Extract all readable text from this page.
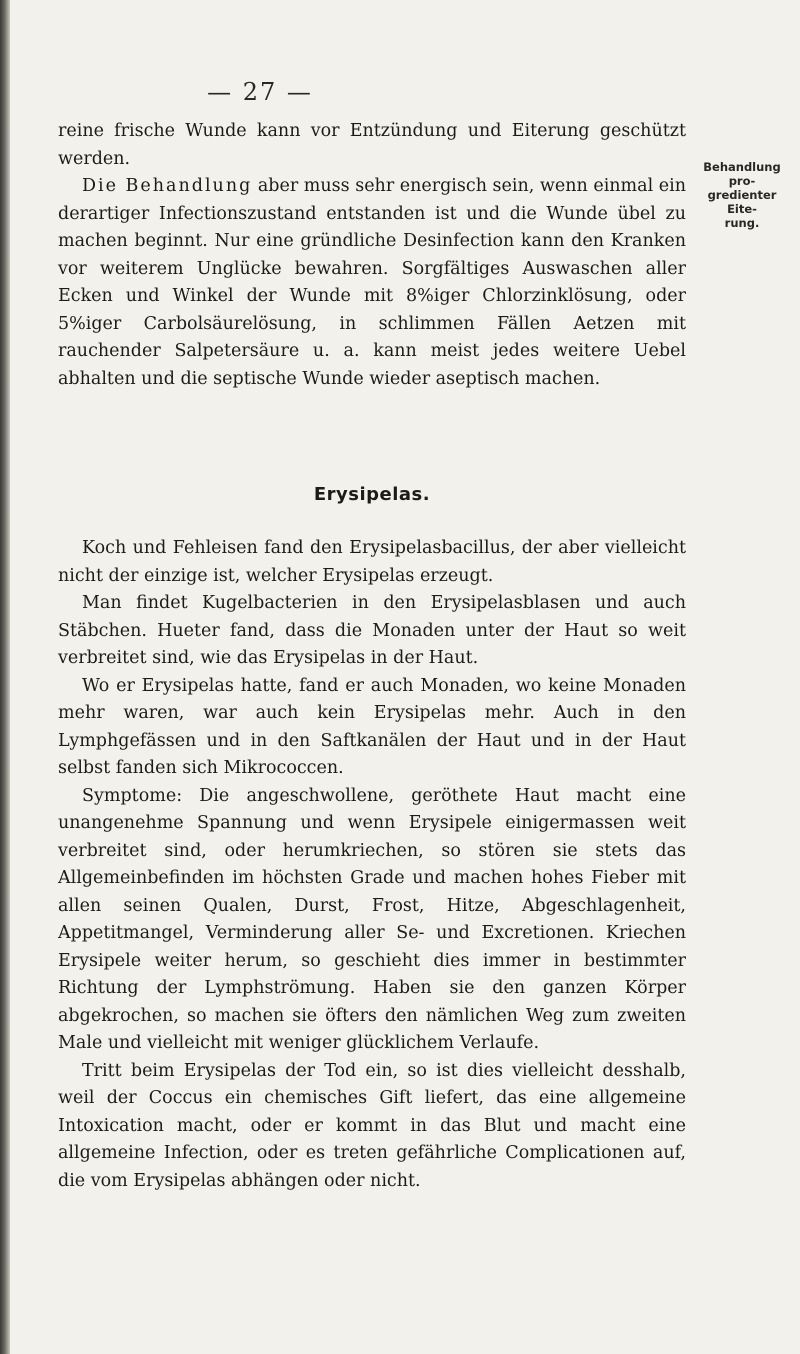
— 27 —

reine frische Wunde kann vor Entzündung und Eiterung geschützt werden.

Die Behandlung aber muss sehr energisch sein, wenn einmal ein derartiger Infectionszustand entstanden ist und die Wunde übel zu machen beginnt. Nur eine gründliche Desinfection kann den Kranken vor weiterem Unglücke bewahren. Sorgfältiges Auswaschen aller Ecken und Winkel der Wunde mit 8%iger Chlorzinklösung, oder 5%iger Carbolsäurelösung, in schlimmen Fällen Aetzen mit rauchender Salpetersäure u. a. kann meist jedes weitere Uebel abhalten und die septische Wunde wieder aseptisch machen.

Behandlung pro-
gredienter Eite-
rung.
Erysipelas.

Koch und Fehleisen fand den Erysipelasbacillus, der aber vielleicht nicht der einzige ist, welcher Erysipelas erzeugt.

Man findet Kugelbacterien in den Erysipelasblasen und auch Stäbchen. Hueter fand, dass die Monaden unter der Haut so weit verbreitet sind, wie das Erysipelas in der Haut.

Wo er Erysipelas hatte, fand er auch Monaden, wo keine Monaden mehr waren, war auch kein Erysipelas mehr. Auch in den Lymphgefässen und in den Saftkanälen der Haut und in der Haut selbst fanden sich Mikrococcen.

Symptome: Die angeschwollene, geröthete Haut macht eine unangenehme Spannung und wenn Erysipele einigermassen weit verbreitet sind, oder herumkriechen, so stören sie stets das Allgemeinbefinden im höchsten Grade und machen hohes Fieber mit allen seinen Qualen, Durst, Frost, Hitze, Abgeschlagenheit, Appetitmangel, Verminderung aller Se- und Excretionen. Kriechen Erysipele weiter herum, so geschieht dies immer in bestimmter Richtung der Lymphströmung. Haben sie den ganzen Körper abgekrochen, so machen sie öfters den nämlichen Weg zum zweiten Male und vielleicht mit weniger glücklichem Verlaufe.

Tritt beim Erysipelas der Tod ein, so ist dies vielleicht desshalb, weil der Coccus ein chemisches Gift liefert, das eine allgemeine Intoxication macht, oder er kommt in das Blut und macht eine allgemeine Infection, oder es treten gefährliche Complicationen auf, die vom Erysipelas abhängen oder nicht.
